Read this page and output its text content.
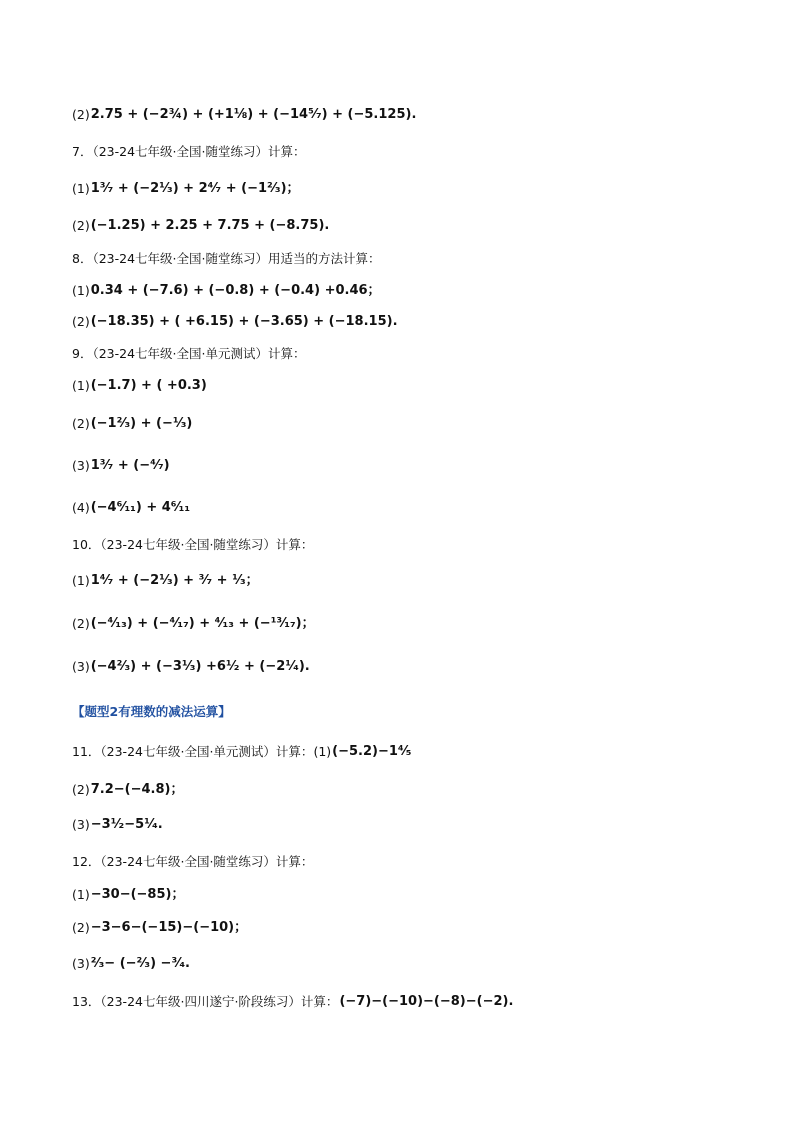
(2) 2.75 + (−2¾) + (+1⅛) + (−14⁵⁄₇) + (−5.125).
7．（23-24七年级·全国·随堂练习）计算：
(1) 1³⁄₇ + (−2¹⁄₃) + 2⁴⁄₇ + (−1²⁄₃)；
(2) (−1.25) + 2.25 + 7.75 + (−8.75).
8．（23-24七年级·全国·随堂练习）用适当的方法计算：
(1) 0.34 + (−7.6) + (−0.8) + (−0.4) +0.46；
(2) (−18.35) + ( +6.15) + (−3.65) + (−18.15).
9．（23-24七年级·全国·单元测试）计算：
(1) (−1.7) + ( +0.3)
(2) (−1²⁄₃) + (−¹⁄₃)
(3) 1³⁄₇ + (−⁴⁄₇)
(4) (−4⁶⁄₁₁) + 4⁶⁄₁₁
10．（23-24七年级·全国·随堂练习）计算：
(1) 1⁴⁄₇ + (−2¹⁄₃) + ³⁄₇ + ¹⁄₃；
(2) (−⁴⁄₁₃) + (−⁴⁄₁₇) + ⁴⁄₁₃ + (−¹³⁄₁₇)；
(3) (−4²⁄₃) + (−3¹⁄₃) +6¹⁄₂ + (−2¹⁄₄).
【 题型2 有理数的减法运算 】
11．（23-24七年级·全国·单元测试）计算： (1) (−5.2)−1⁴⁄₅
(2) 7.2−(−4.8)；
(3) −3¹⁄₂−5¹⁄₄.
12．（23-24七年级·全国·随堂练习）计算：
(1) −30−(−85)；
(2) −3−6−(−15)−(−10)；
(3) ²⁄₃− (−²⁄₃) −³⁄₄.
13．（23-24七年级·四川遂宁·阶段练习）计算： (−7)−(−10)−(−8)−(−2).
